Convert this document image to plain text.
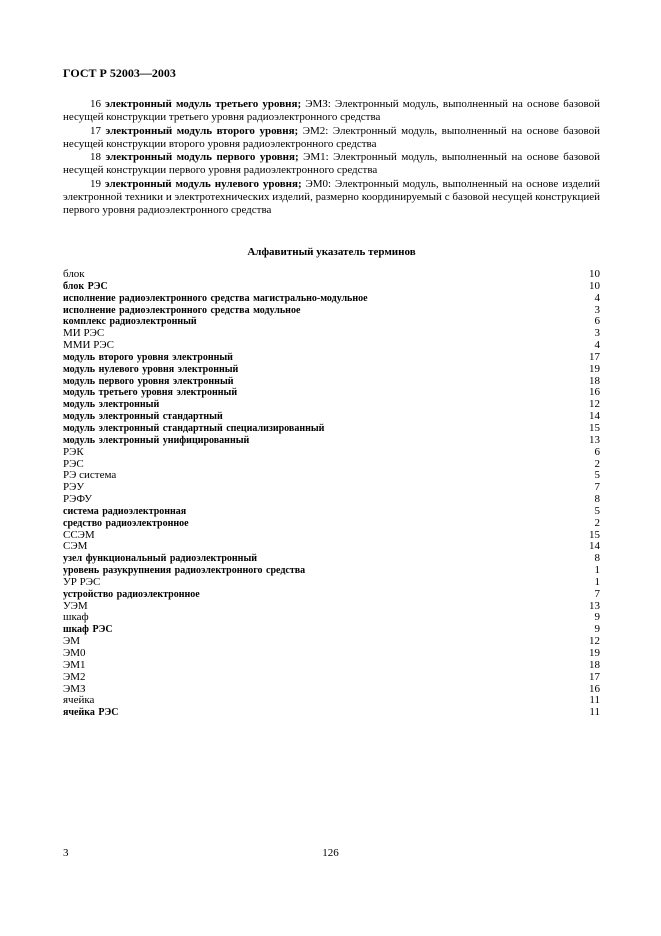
ГОСТ Р 52003—2003

16 электронный модуль третьего уровня; ЭМЗ: Электронный модуль, выполненный на основе базовой несущей конструкции третьего уровня радиоэлектронного средства

17 электронный модуль второго уровня; ЭМ2: Электронный модуль, выполненный на основе базовой несущей конструкции второго уровня радиоэлектронного средства

18 электронный модуль первого уровня; ЭМ1: Электронный модуль, выполненный на основе базовой несущей конструкции первого уровня радиоэлектронного средства

19 электронный модуль нулевого уровня; ЭМ0: Электронный модуль, выполненный на основе изделий электронной техники и электротехнических изделий, размерно координируемый с базовой несущей конструкцией первого уровня радиоэлектронного средства

Алфавитный указатель терминов
блок	10
блок РЭС	10
исполнение радиоэлектронного средства магистрально-модульное	4
исполнение радиоэлектронного средства модульное	3
комплекс радиоэлектронный	6
МИ РЭС	3
ММИ РЭС	4
модуль второго уровня электронный	17
модуль нулевого уровня электронный	19
модуль первого уровня электронный	18
модуль третьего уровня электронный	16
модуль электронный	12
модуль электронный стандартный	14
модуль электронный стандартный специализированный	15
модуль электронный унифицированный	13
РЭК	6
РЭС	2
РЭ система	5
РЭУ	7
РЭФУ	8
система радиоэлектронная	5
средство радиоэлектронное	2
ССЭМ	15
СЭМ	14
узел функциональный радиоэлектронный	8
уровень разукрупнения радиоэлектронного средства	1
УР РЭС	1
устройство радиоэлектронное	7
УЭМ	13
шкаф	9
шкаф РЭС	9
ЭМ	12
ЭМ0	19
ЭМ1	18
ЭМ2	17
ЭМЗ	16
ячейка	11
ячейка РЭС	11
3	126
